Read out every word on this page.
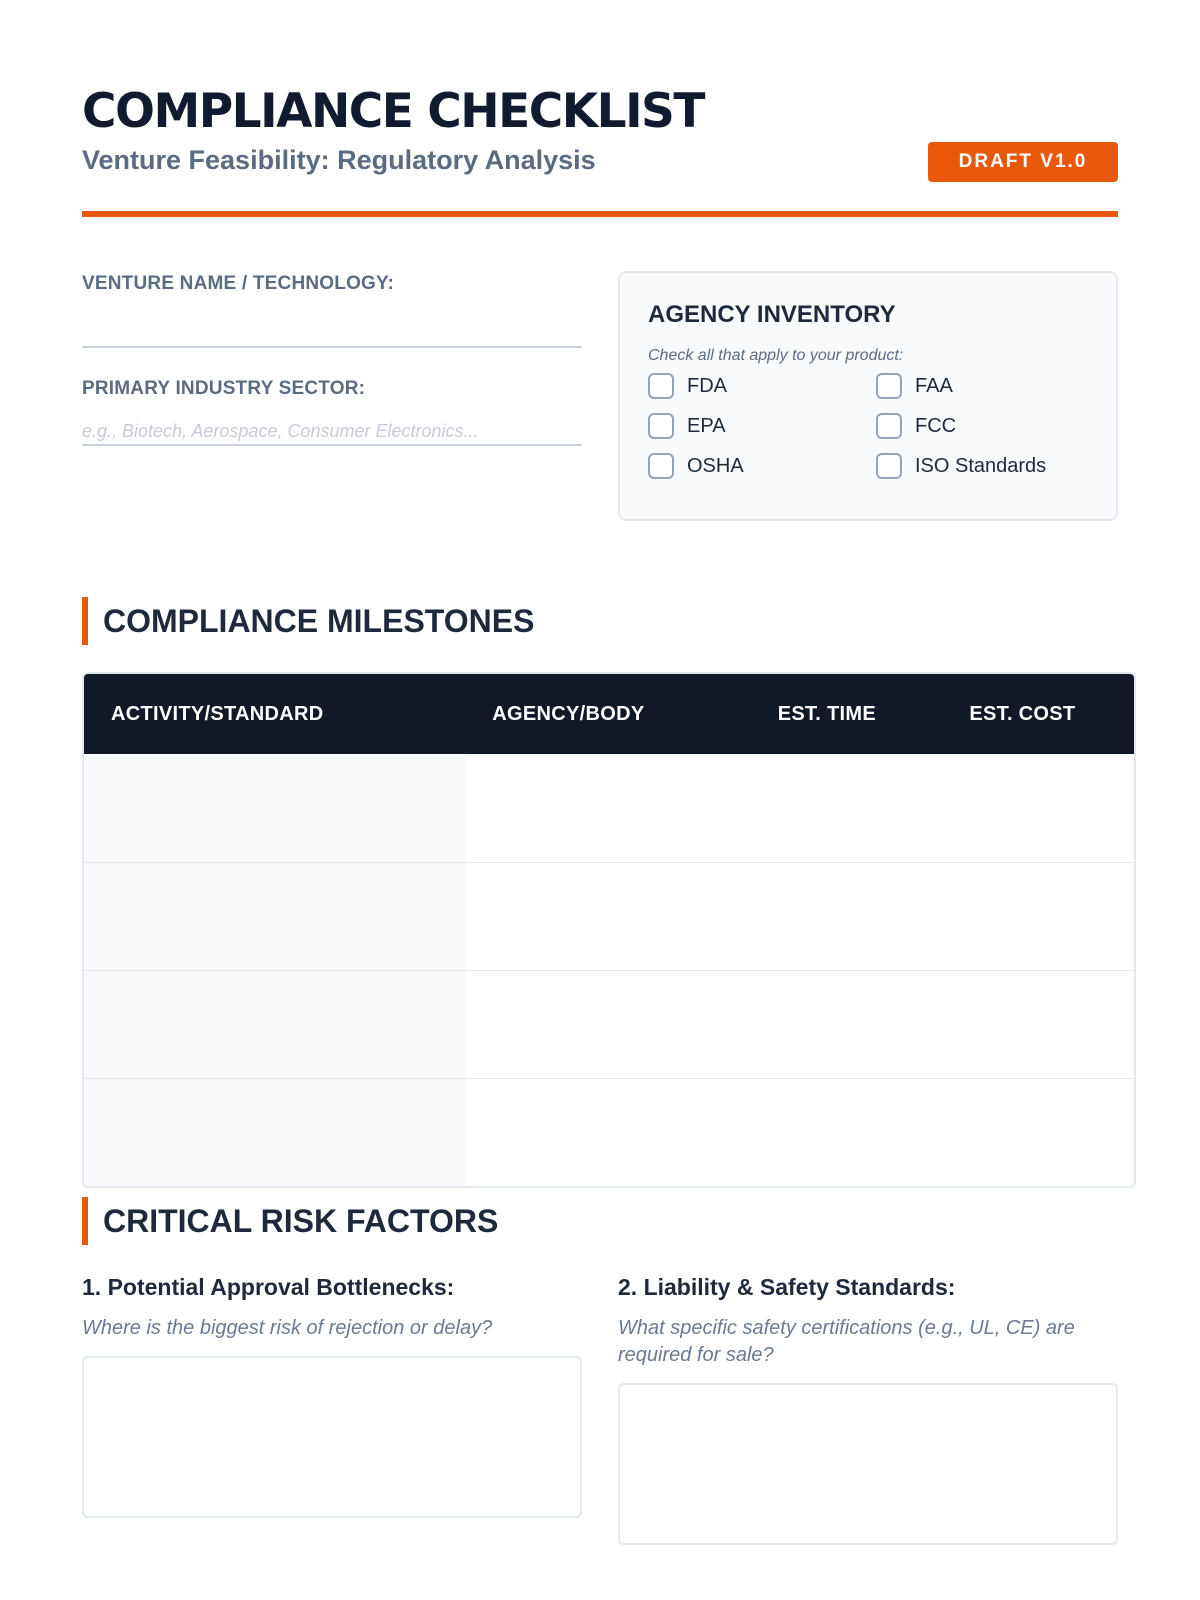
COMPLIANCE CHECKLIST
Venture Feasibility: Regulatory Analysis	DRAFT V1.0
VENTURE NAME / TECHNOLOGY:
PRIMARY INDUSTRY SECTOR:
e.g., Biotech, Aerospace, Consumer Electronics...
AGENCY INVENTORY
Check all that apply to your product:
FDA	FAA
EPA	FCC
OSHA	ISO Standards
COMPLIANCE MILESTONES
ACTIVITY/STANDARD	AGENCY/BODY	EST. TIME	EST. COST
CRITICAL RISK FACTORS
1. Potential Approval Bottlenecks:
Where is the biggest risk of rejection or delay?
2. Liability & Safety Standards:
What specific safety certifications (e.g., UL, CE) are required for sale?
